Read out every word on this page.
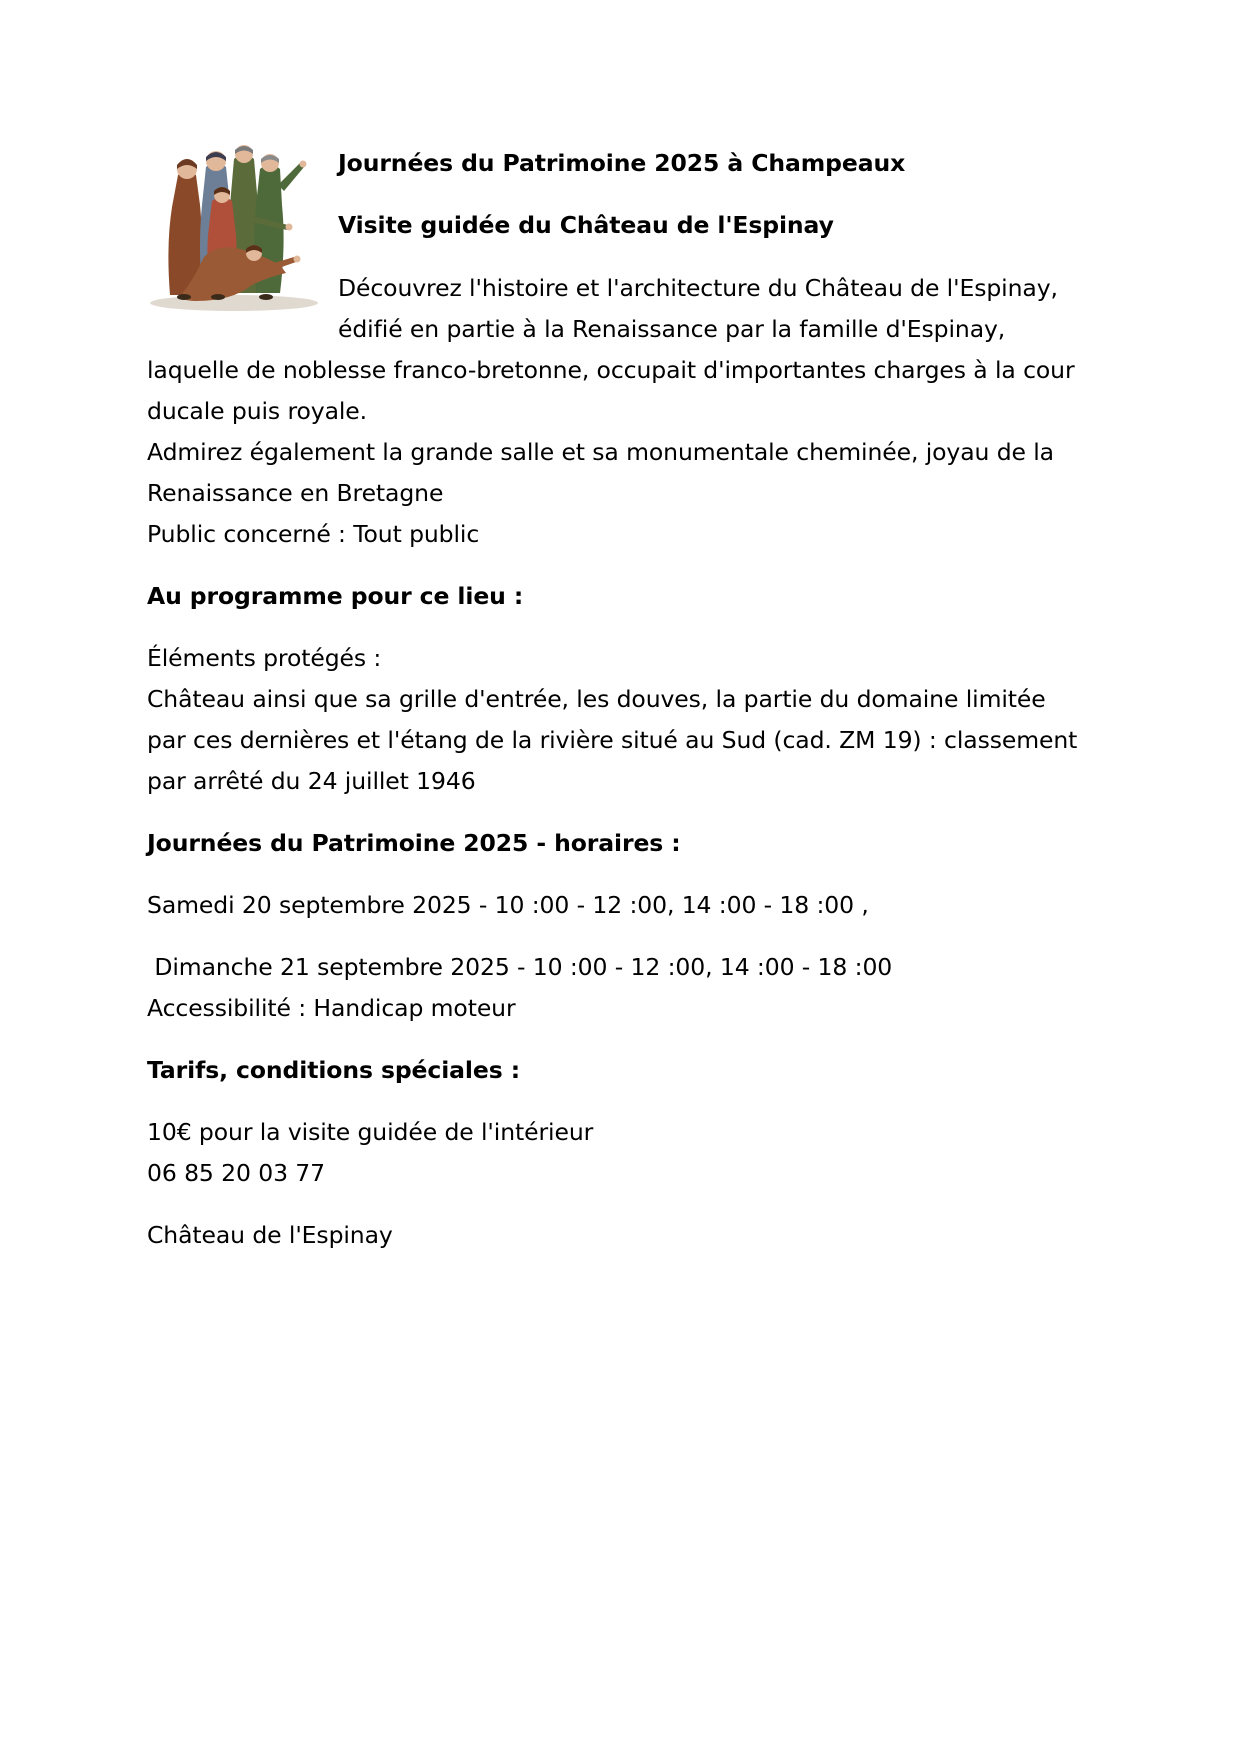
Journées du Patrimoine 2025 à Champeaux
Visite guidée du Château de l'Espinay
Découvrez l'histoire et l'architecture du Château de l'Espinay,
édifié en partie à la Renaissance par la famille d'Espinay,
laquelle de noblesse franco-bretonne, occupait d'importantes charges à la cour
ducale puis royale.
Admirez également la grande salle et sa monumentale cheminée, joyau de la
Renaissance en Bretagne
Public concerné : Tout public
Au programme pour ce lieu :
Éléments protégés :
Château ainsi que sa grille d'entrée, les douves, la partie du domaine limitée
par ces dernières et l'étang de la rivière situé au Sud (cad. ZM 19) : classement
par arrêté du 24 juillet 1946
Journées du Patrimoine 2025 - horaires :
Samedi 20 septembre 2025 - 10 :00 - 12 :00, 14 :00 - 18 :00 ,
Dimanche 21 septembre 2025 - 10 :00 - 12 :00, 14 :00 - 18 :00
Accessibilité : Handicap moteur
Tarifs, conditions spéciales :
10€ pour la visite guidée de l'intérieur
06 85 20 03 77
Château de l'Espinay
